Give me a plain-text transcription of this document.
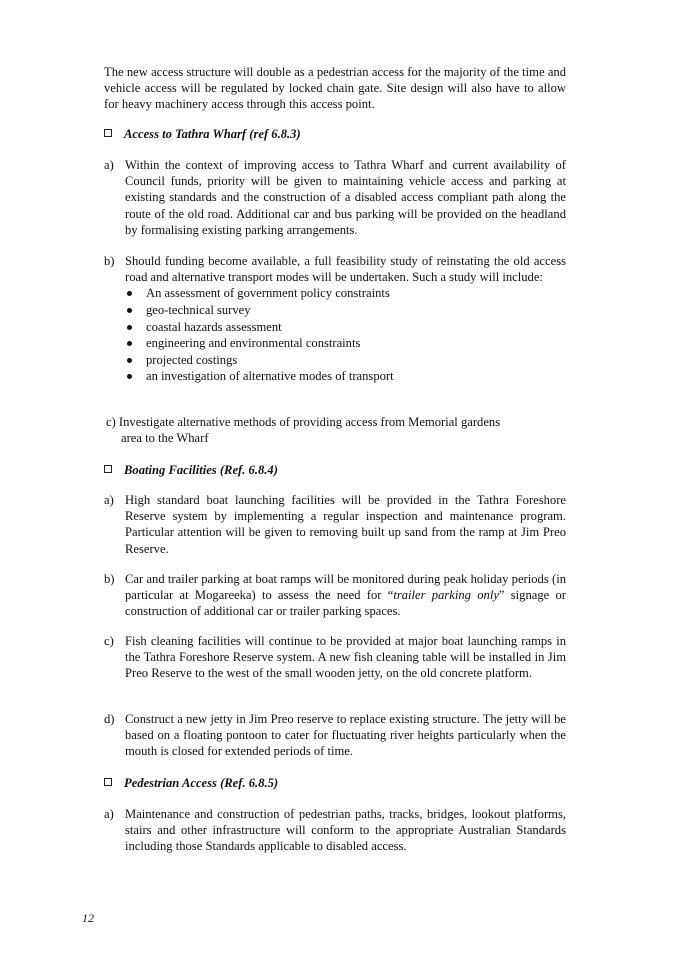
The new access structure will double as a pedestrian access for the majority of the time and vehicle access will be regulated by locked chain gate. Site design will also have to allow for heavy machinery access through this access point.

Access to Tathra Wharf (ref 6.8.3)
a) Within the context of improving access to Tathra Wharf and current availability of Council funds, priority will be given to maintaining vehicle access and parking at existing standards and the construction of a disabled access compliant path along the route of the old road. Additional car and bus parking will be provided on the headland by formalising existing parking arrangements.
b) Should funding become available, a full feasibility study of reinstating the old access road and alternative transport modes will be undertaken. Such a study will include:
An assessment of government policy constraints
geo-technical survey
coastal hazards assessment
engineering and environmental constraints
projected costings
an investigation of alternative modes of transport
c) Investigate alternative methods of providing access from Memorial gardens
area to the Wharf
Boating Facilities (Ref. 6.8.4)
a) High standard boat launching facilities will be provided in the Tathra Foreshore Reserve system by implementing a regular inspection and maintenance program. Particular attention will be given to removing built up sand from the ramp at Jim Preo Reserve.
b) Car and trailer parking at boat ramps will be monitored during peak holiday periods (in particular at Mogareeka) to assess the need for “trailer parking only” signage or construction of additional car or trailer parking spaces.
c) Fish cleaning facilities will continue to be provided at major boat launching ramps in the Tathra Foreshore Reserve system. A new fish cleaning table will be installed in Jim Preo Reserve to the west of the small wooden jetty, on the old concrete platform.
d) Construct a new jetty in Jim Preo reserve to replace existing structure. The jetty will be based on a floating pontoon to cater for fluctuating river heights particularly when the mouth is closed for extended periods of time.
Pedestrian Access (Ref. 6.8.5)
a) Maintenance and construction of pedestrian paths, tracks, bridges, lookout platforms, stairs and other infrastructure will conform to the appropriate Australian Standards including those Standards applicable to disabled access.
12
